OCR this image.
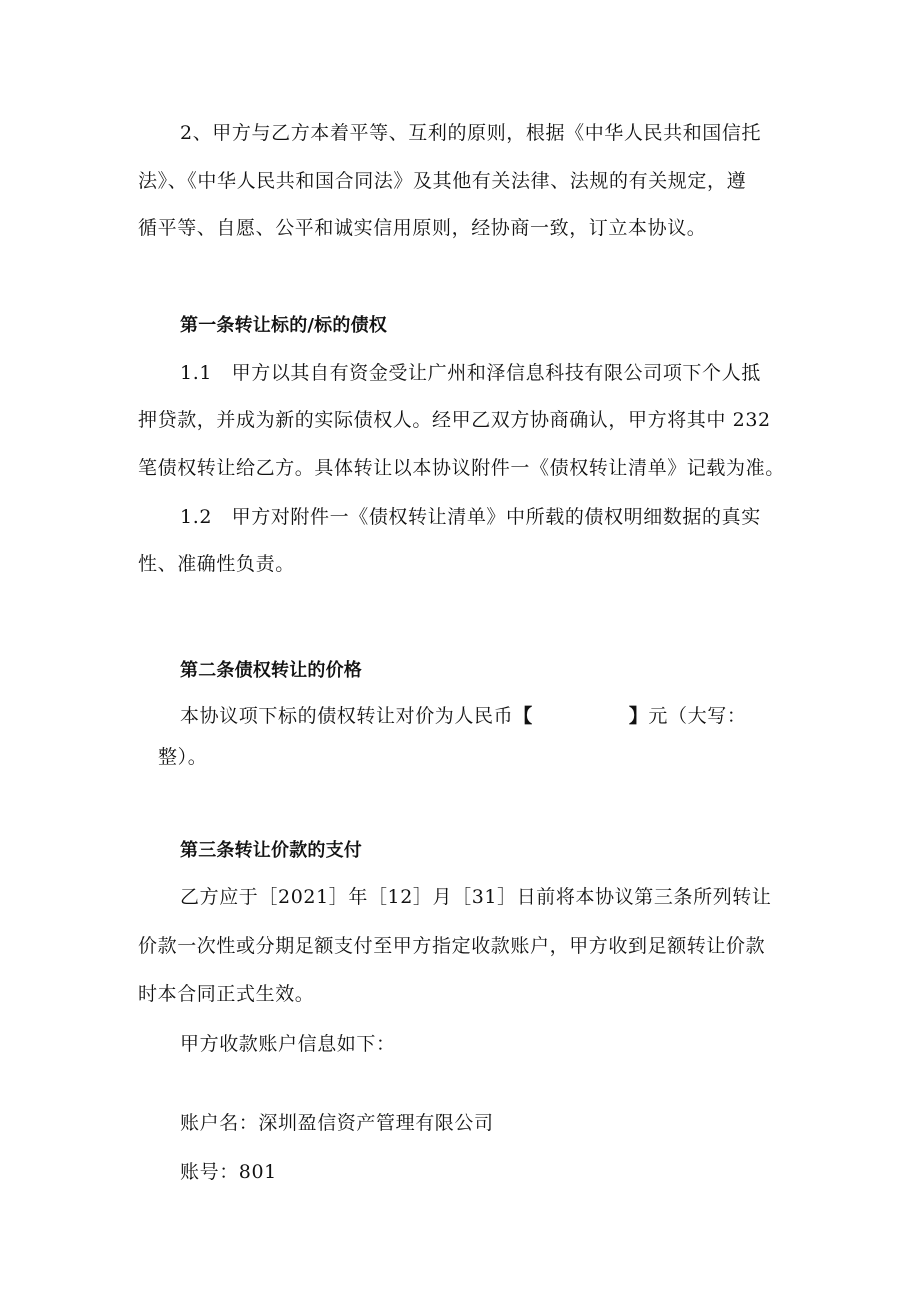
2、甲方与乙方本着平等、互利的原则，根据《中华人民共和国信托
法》、《中华人民共和国合同法》及其他有关法律、法规的有关规定，遵
循平等、自愿、公平和诚实信用原则，经协商一致，订立本协议。
第一条转让标的/标的债权
1.1　甲方以其自有资金受让广州和泽信息科技有限公司项下个人抵
押贷款，并成为新的实际债权人。经甲乙双方协商确认，甲方将其中 232
笔债权转让给乙方。具体转让以本协议附件一《债权转让清单》记载为准。
1.2　甲方对附件一《债权转让清单》中所载的债权明细数据的真实
性、准确性负责。
第二条债权转让的价格
本协议项下标的债权转让对价为人民币【	】元（大写：
整）。
第三条转让价款的支付
乙方应于［2021］年［12］月［31］日前将本协议第三条所列转让
价款一次性或分期足额支付至甲方指定收款账户，甲方收到足额转让价款
时本合同正式生效。
甲方收款账户信息如下：
账户名：深圳盈信资产管理有限公司
账号：801
